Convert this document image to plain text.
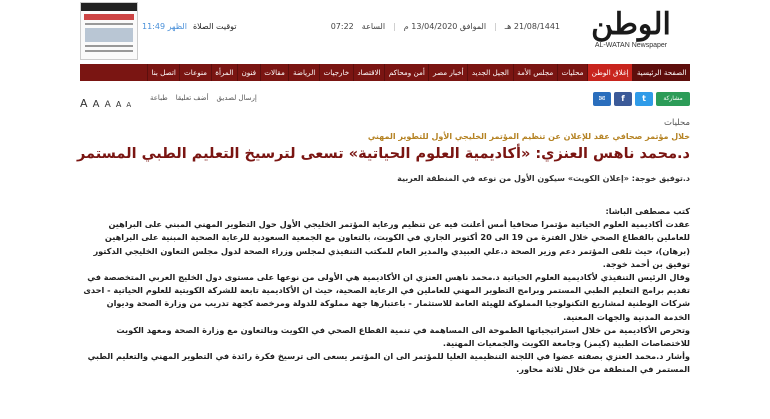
الوطن
AL-WATAN Newspaper
21/08/1441 هـ
|
الموافق 13/04/2020 م
|
الساعة
07:22
توقيت الصلاة
الظهر 11:49
الصفحة الرئيسية
إغلاق الوطن
محليات
مجلس الأمة
الجيل الجديد
أخبار مصر
أمن ومحاكم
الاقتصاد
خارجيات
الرياضة
مقالات
فنون
المرأة
منوعات
اتصل بنا
مشاركة
t
f
✉
إرسال لصديق
أضف تعليقا
طباعة
A A A A A
محليات
خلال مؤتمر صحافي عقد للإعلان عن تنظيم المؤتمر الخليجي الأول للتطوير المهني
د.محمد ناهس العنزي: «أكاديمية العلوم الحياتية» تسعى لترسيخ التعليم الطبي المستمر
د.توفيق خوجة: «إعلان الكويت» سيكون الأول من نوعه في المنطقة العربية

كتب مصطفى الباشا:

عقدت أكاديمية العلوم الحياتية مؤتمرا صحافيا أمس أعلنت فيه عن تنظيم ورعاية المؤتمر الخليجي الأول حول التطوير المهني المبني على البراهين للعاملين بالقطاع الصحي خلال الفترة من 19 الى 20 أكتوبر الجاري في الكويت، بالتعاون مع الجمعية السعودية للرعاية الصحية المبنية على البراهين (برهان)، حيث تلقى المؤتمر دعم وزير الصحة د.علي العبيدي والمدير العام للمكتب التنفيذي لمجلس وزراء الصحة لدول مجلس التعاون الخليجي الدكتور توفيق بن أحمد خوجة.

وقال الرئيس التنفيذي لأكاديمية العلوم الحياتية د.محمد ناهس العنزي ان الأكاديمية هي الأولى من نوعها على مستوى دول الخليج العربي المتخصصة في تقديم برامج التعليم الطبي المستمر وبرامج التطوير المهني للعاملين في الرعاية الصحية، حيث ان الأكاديمية تابعة للشركة الكويتية للعلوم الحياتية - احدى شركات الوطنية لمشاريع التكنولوجيا المملوكة للهيئة العامة للاستثمار - باعتبارها جهة مملوكة للدولة ومرخصة كجهة تدريب من وزارة الصحة وديوان الخدمة المدنية والجهات المعنية.

وتحرص الأكاديمية من خلال استراتيجياتها الطموحة الى المساهمة في تنمية القطاع الصحي في الكويت وبالتعاون مع وزارة الصحة ومعهد الكويت للاختصاصات الطبية (كيمز) وجامعة الكويت والجمعيات المهنية.

وأشار د.محمد العنزي بصفته عضوا في اللجنة التنظيمية العليا للمؤتمر الى ان المؤتمر يسعى الى ترسيخ فكرة رائدة في التطوير المهني والتعليم الطبي المستمر في المنطقة من خلال ثلاثة محاور.
